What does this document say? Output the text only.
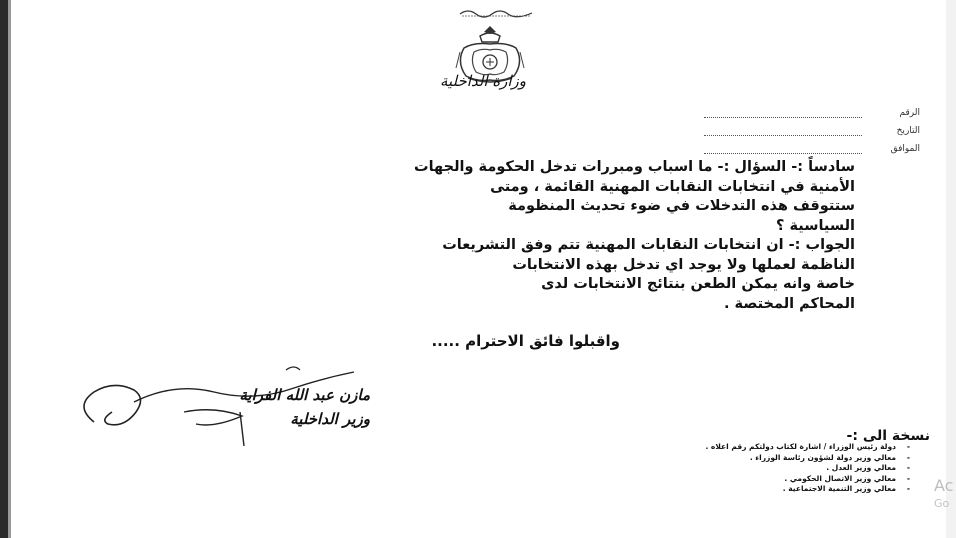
وزارة الداخلية
الرقم
التاريخ
الموافق

سادساً :- السؤال :- ما اسباب ومبررات تدخل الحكومة والجهات

الأمنية في انتخابات النقابات المهنية القائمة ، ومتى

ستتوقف هذه التدخلات في ضوء تحديث المنظومة

السياسية ؟

الجواب :- ان انتخابات النقابات المهنية تتم وفق التشريعات

الناظمة لعملها ولا يوجد اي تدخل بهذه الانتخابات

خاصة وانه يمكن الطعن بنتائج الانتخابات لدى

المحاكم المختصة .

واقبلوا فائق الاحترام .....
مازن عبد الله الفراية
وزير الداخلية
نسخة الى :-
- دولة رئيس الوزراء / اشارة لكتاب دولتكم رقم اعلاه .
- معالي وزير دولة لشؤون رئاسة الوزراء .
- معالي وزير العدل .
- معالي وزير الاتصال الحكومي .
- معالي وزير التنمية الاجتماعية .	Ac
Go
